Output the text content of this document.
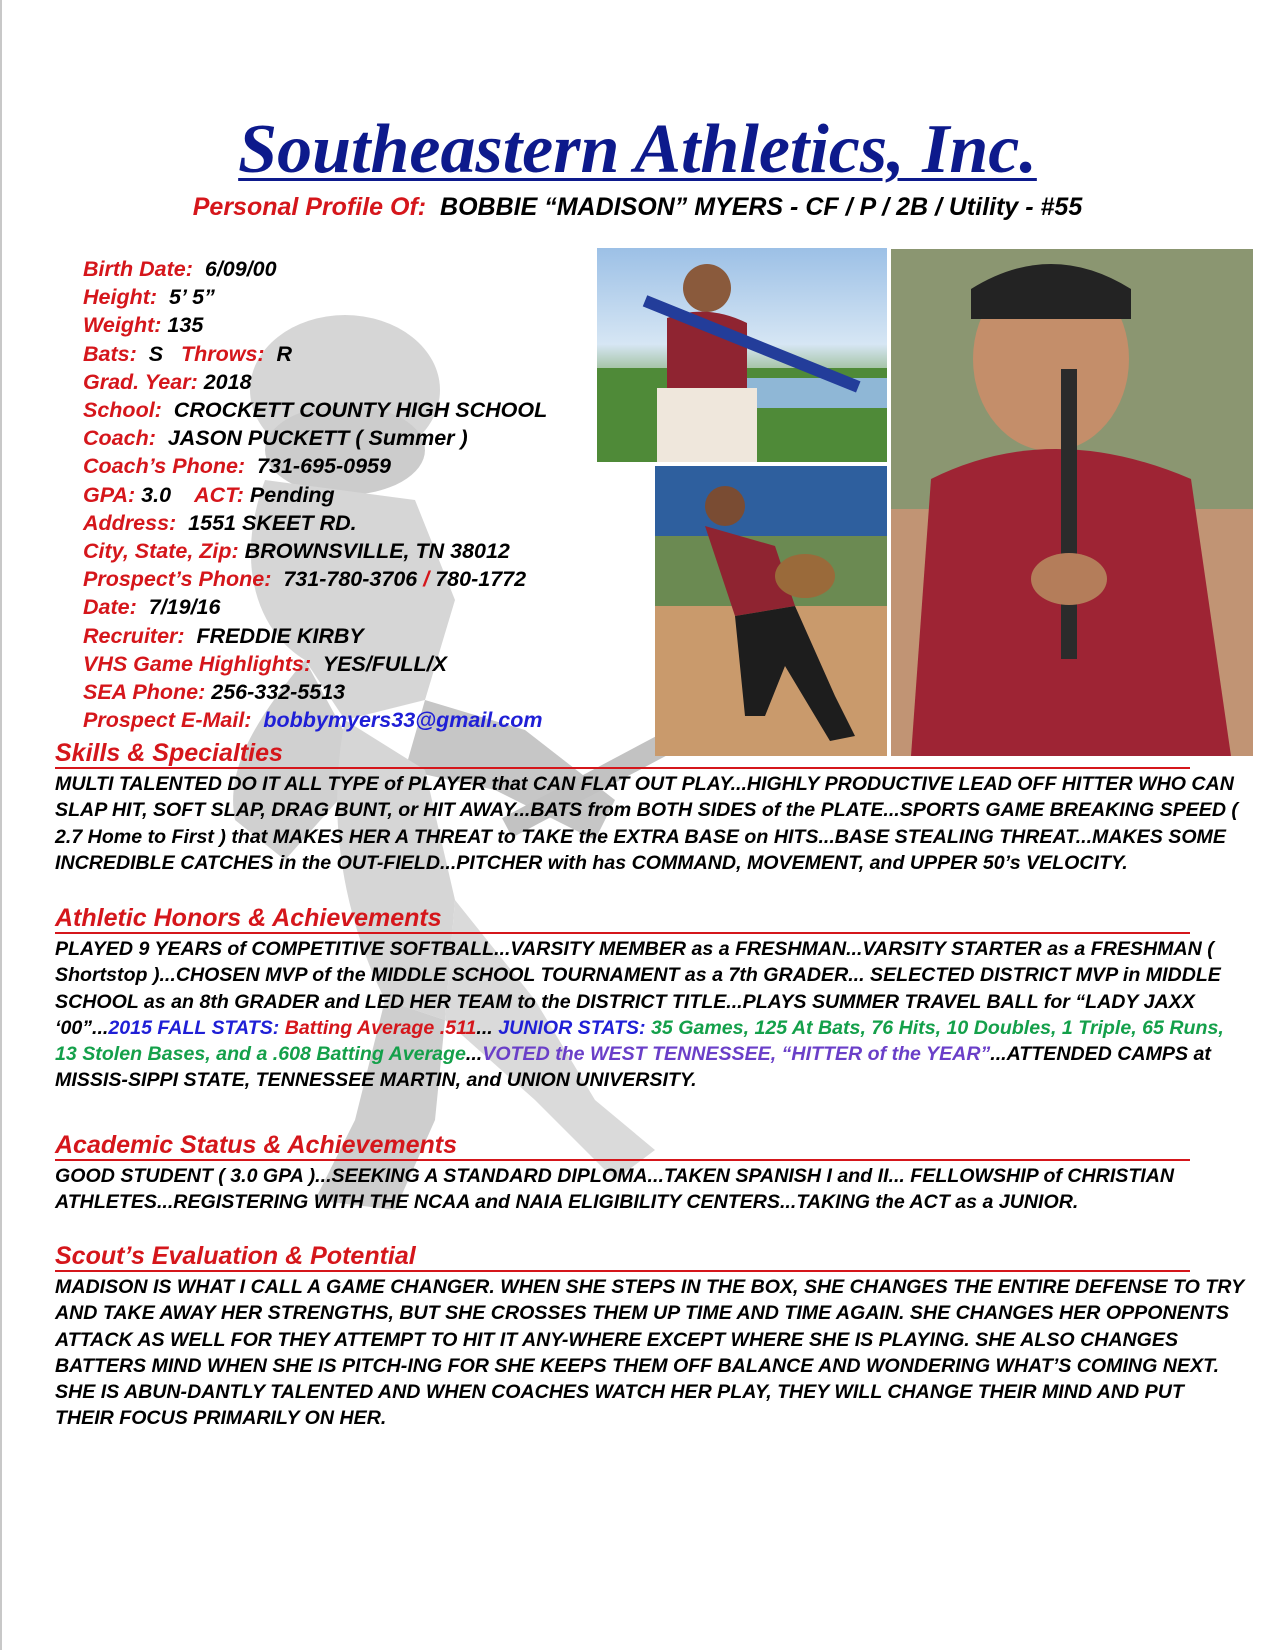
Southeastern Athletics, Inc.
Personal Profile Of: BOBBIE “MADISON” MYERS - CF / P / 2B / Utility - #55
Birth Date: 6/09/00
Height: 5’ 5”
Weight: 135
Bats: S Throws: R
Grad. Year: 2018
School: CROCKETT COUNTY HIGH SCHOOL
Coach: JASON PUCKETT ( Summer )
Coach’s Phone: 731-695-0959
GPA: 3.0 ACT: Pending
Address: 1551 SKEET RD.
City, State, Zip: BROWNSVILLE, TN 38012
Prospect’s Phone: 731-780-3706 / 780-1772
Date: 7/19/16
Recruiter: FREDDIE KIRBY
VHS Game Highlights: YES/FULL/X
SEA Phone: 256-332-5513
Prospect E-Mail: bobbymyers33@gmail.com
Skills & Specialties
MULTI TALENTED DO IT ALL TYPE of PLAYER that CAN FLAT OUT PLAY...HIGHLY PRODUCTIVE LEAD OFF HITTER WHO CAN SLAP HIT, SOFT SLAP, DRAG BUNT, or HIT AWAY...BATS from BOTH SIDES of the PLATE...SPORTS GAME BREAKING SPEED ( 2.7 Home to First ) that MAKES HER A THREAT to TAKE the EXTRA BASE on HITS...BASE STEALING THREAT...MAKES SOME INCREDIBLE CATCHES in the OUT-FIELD...PITCHER with has COMMAND, MOVEMENT, and UPPER 50’s VELOCITY.
Athletic Honors & Achievements
PLAYED 9 YEARS of COMPETITIVE SOFTBALL...VARSITY MEMBER as a FRESHMAN...VARSITY STARTER as a FRESHMAN ( Shortstop )...CHOSEN MVP of the MIDDLE SCHOOL TOURNAMENT as a 7th GRADER... SELECTED DISTRICT MVP in MIDDLE SCHOOL as an 8th GRADER and LED HER TEAM to the DISTRICT TITLE...PLAYS SUMMER TRAVEL BALL for “LADY JAXX ‘00”...2015 FALL STATS: Batting Average .511... JUNIOR STATS: 35 Games, 125 At Bats, 76 Hits, 10 Doubles, 1 Triple, 65 Runs, 13 Stolen Bases, and a .608 Batting Average...VOTED the WEST TENNESSEE, “HITTER of the YEAR”...ATTENDED CAMPS at MISSIS-SIPPI STATE, TENNESSEE MARTIN, and UNION UNIVERSITY.
Academic Status & Achievements
GOOD STUDENT ( 3.0 GPA )...SEEKING A STANDARD DIPLOMA...TAKEN SPANISH I and II... FELLOWSHIP of CHRISTIAN ATHLETES...REGISTERING WITH THE NCAA and NAIA ELIGIBILITY CENTERS...TAKING the ACT as a JUNIOR.
Scout’s Evaluation & Potential
MADISON IS WHAT I CALL A GAME CHANGER. WHEN SHE STEPS IN THE BOX, SHE CHANGES THE ENTIRE DEFENSE TO TRY AND TAKE AWAY HER STRENGTHS, BUT SHE CROSSES THEM UP TIME AND TIME AGAIN. SHE CHANGES HER OPPONENTS ATTACK AS WELL FOR THEY ATTEMPT TO HIT IT ANY-WHERE EXCEPT WHERE SHE IS PLAYING. SHE ALSO CHANGES BATTERS MIND WHEN SHE IS PITCH-ING FOR SHE KEEPS THEM OFF BALANCE AND WONDERING WHAT’S COMING NEXT. SHE IS ABUN-DANTLY TALENTED AND WHEN COACHES WATCH HER PLAY, THEY WILL CHANGE THEIR MIND AND PUT THEIR FOCUS PRIMARILY ON HER.
